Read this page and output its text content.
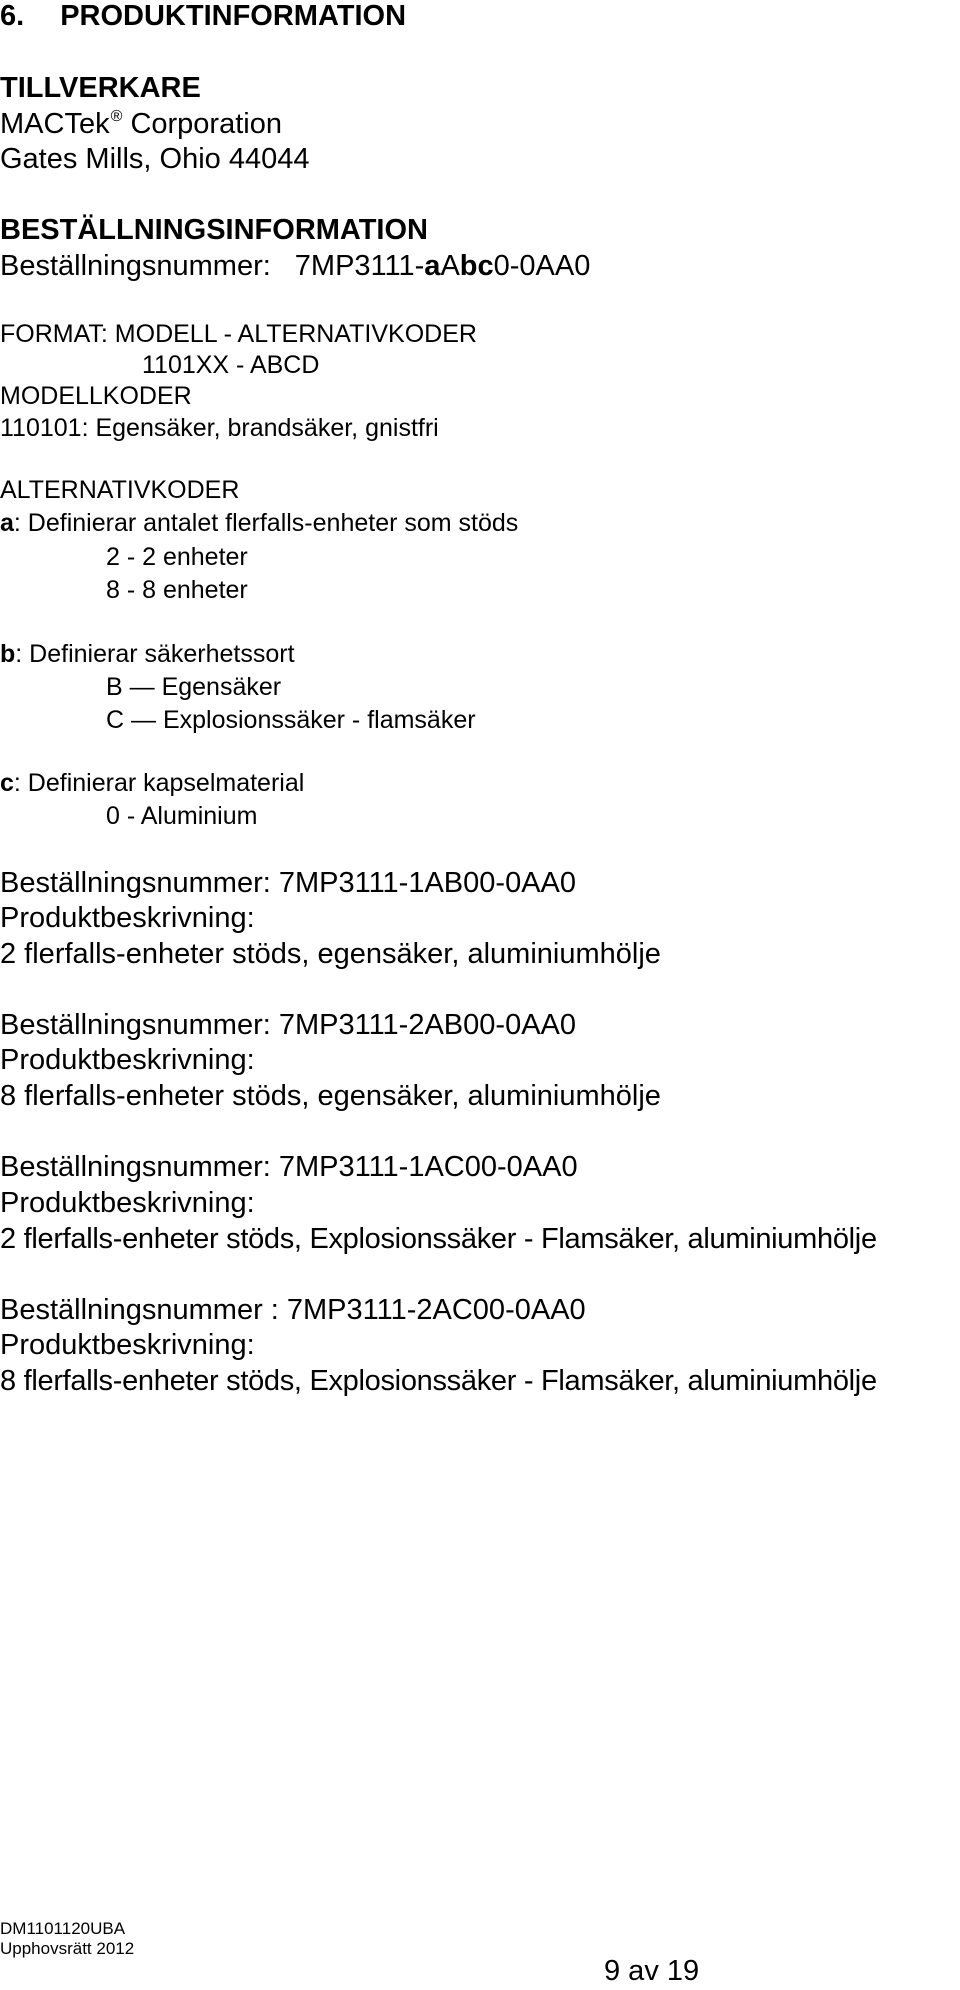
6. PRODUKTINFORMATION
TILLVERKARE
MACTek® Corporation
Gates Mills, Ohio 44044
BESTÄLLNINGSINFORMATION
Beställningsnummer: 7MP3111-aAbc0-0AA0
FORMAT: MODELL - ALTERNATIVKODER
1101XX - ABCD
MODELLKODER
110101: Egensäker, brandsäker, gnistfri
ALTERNATIVKODER
a: Definierar antalet flerfalls-enheter som stöds
2 - 2 enheter
8 - 8 enheter
b: Definierar säkerhetssort
B — Egensäker
C — Explosionssäker - flamsäker
c: Definierar kapselmaterial
0 - Aluminium
Beställningsnummer: 7MP3111-1AB00-0AA0
Produktbeskrivning:
2 flerfalls-enheter stöds, egensäker, aluminiumhölje
Beställningsnummer: 7MP3111-2AB00-0AA0
Produktbeskrivning:
8 flerfalls-enheter stöds, egensäker, aluminiumhölje
Beställningsnummer: 7MP3111-1AC00-0AA0
Produktbeskrivning:
2 flerfalls-enheter stöds, Explosionssäker - Flamsäker, aluminiumhölje
Beställningsnummer : 7MP3111-2AC00-0AA0
Produktbeskrivning:
8 flerfalls-enheter stöds, Explosionssäker - Flamsäker, aluminiumhölje
DM1101120UBA
Upphovsrätt 2012
9 av 19
